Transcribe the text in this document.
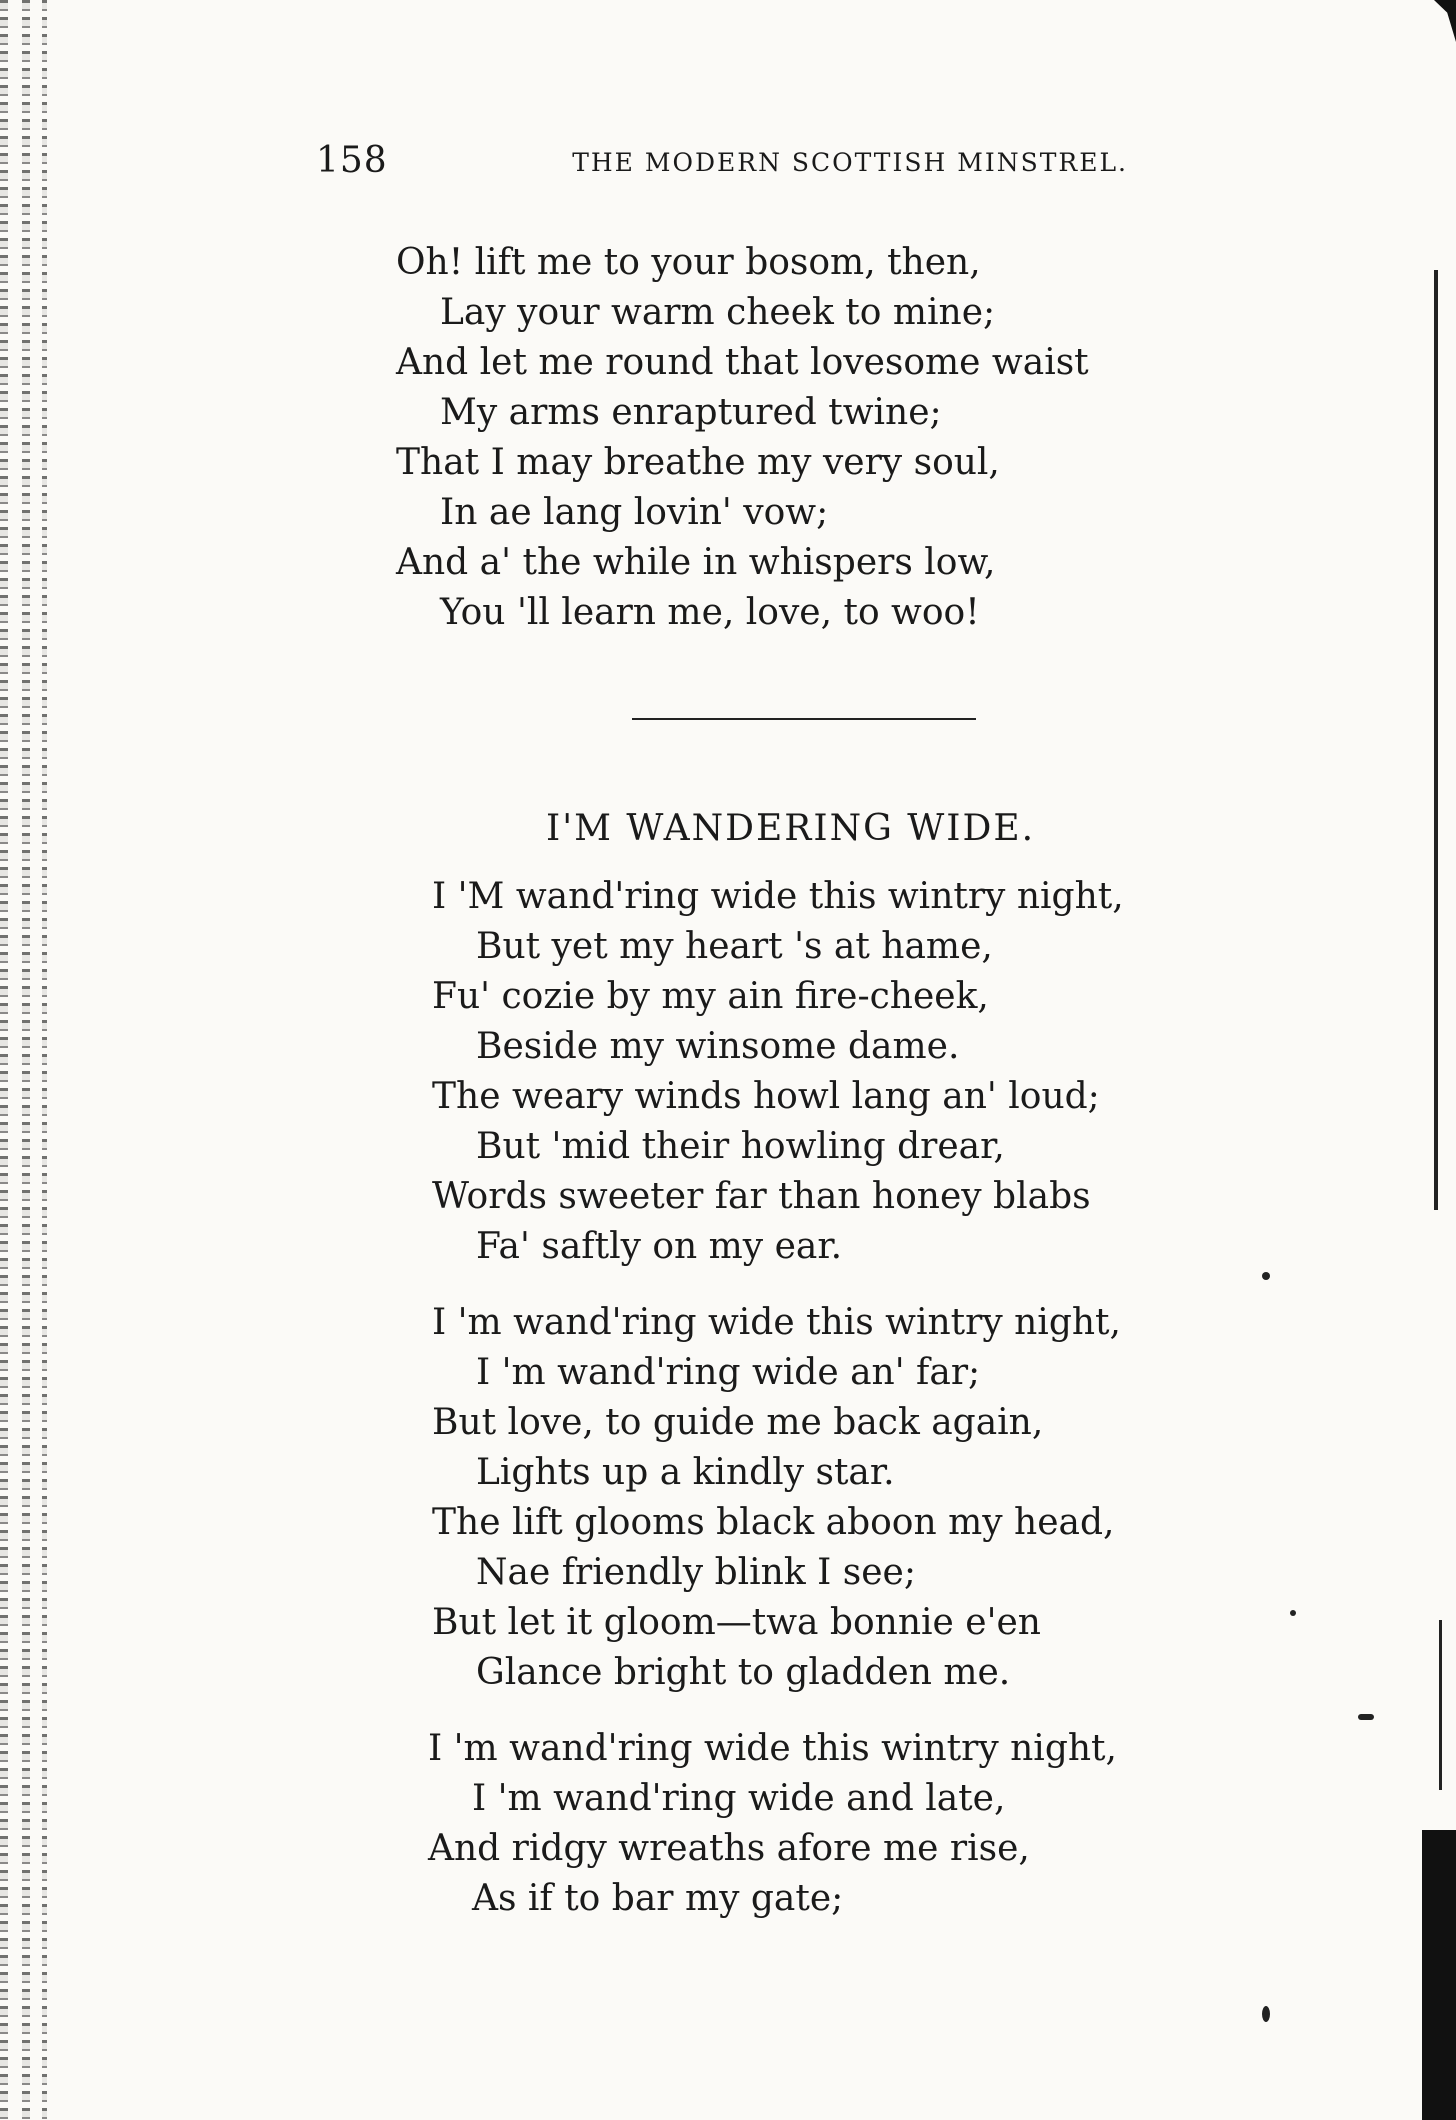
158	THE MODERN SCOTTISH MINSTREL.
Oh! lift me to your bosom, then,
Lay your warm cheek to mine;
And let me round that lovesome waist
My arms enraptured twine;
That I may breathe my very soul,
In ae lang lovin' vow;
And a' the while in whispers low,
You 'll learn me, love, to woo!
I'M WANDERING WIDE.
I 'M wand'ring wide this wintry night,
But yet my heart 's at hame,
Fu' cozie by my ain fire-cheek,
Beside my winsome dame.
The weary winds howl lang an' loud;
But 'mid their howling drear,
Words sweeter far than honey blabs
Fa' saftly on my ear.
I 'm wand'ring wide this wintry night,
I 'm wand'ring wide an' far;
But love, to guide me back again,
Lights up a kindly star.
The lift glooms black aboon my head,
Nae friendly blink I see;
But let it gloom—twa bonnie e'en
Glance bright to gladden me.
I 'm wand'ring wide this wintry night,
I 'm wand'ring wide and late,
And ridgy wreaths afore me rise,
As if to bar my gate;
